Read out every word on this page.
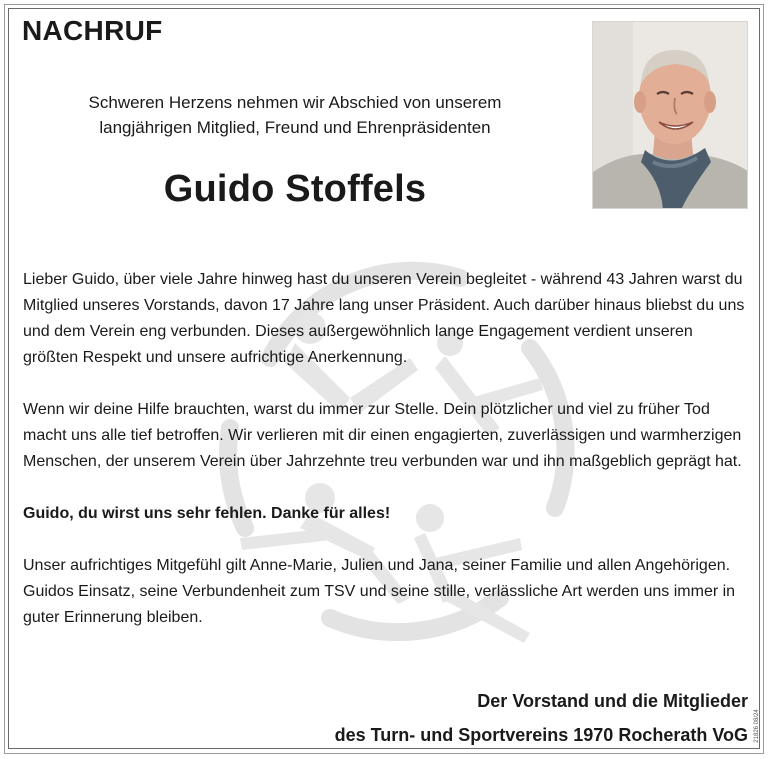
NACHRUF

Schweren Herzens nehmen wir Abschied von unserem
langjährigen Mitglied, Freund und Ehrenpräsidenten

Guido Stoffels

Lieber Guido, über viele Jahre hinweg hast du unseren Verein begleitet - während 43 Jahren warst du Mitglied unseres Vorstands, davon 17 Jahre lang unser Präsident. Auch darüber hinaus bliebst du uns und dem Verein eng verbunden. Dieses außergewöhnlich lange Engagement verdient unseren größten Respekt und unsere aufrichtige Anerkennung.

Wenn wir deine Hilfe brauchten, warst du immer zur Stelle. Dein plötzlicher und viel zu früher Tod macht uns alle tief betroffen. Wir verlieren mit dir einen engagierten, zuverlässigen und warmherzigen Menschen, der unserem Verein über Jahrzehnte treu verbunden war und ihn maßgeblich geprägt hat.

Guido, du wirst uns sehr fehlen. Danke für alles!

Unser aufrichtiges Mitgefühl gilt Anne-Marie, Julien und Jana, seiner Familie und allen Angehörigen. Guidos Einsatz, seine Verbundenheit zum TSV und seine stille, verlässliche Art werden uns immer in guter Erinnerung bleiben.

Der Vorstand und die Mitglieder
des Turn- und Sportvereins 1970 Rocherath VoG 21826 08/24
